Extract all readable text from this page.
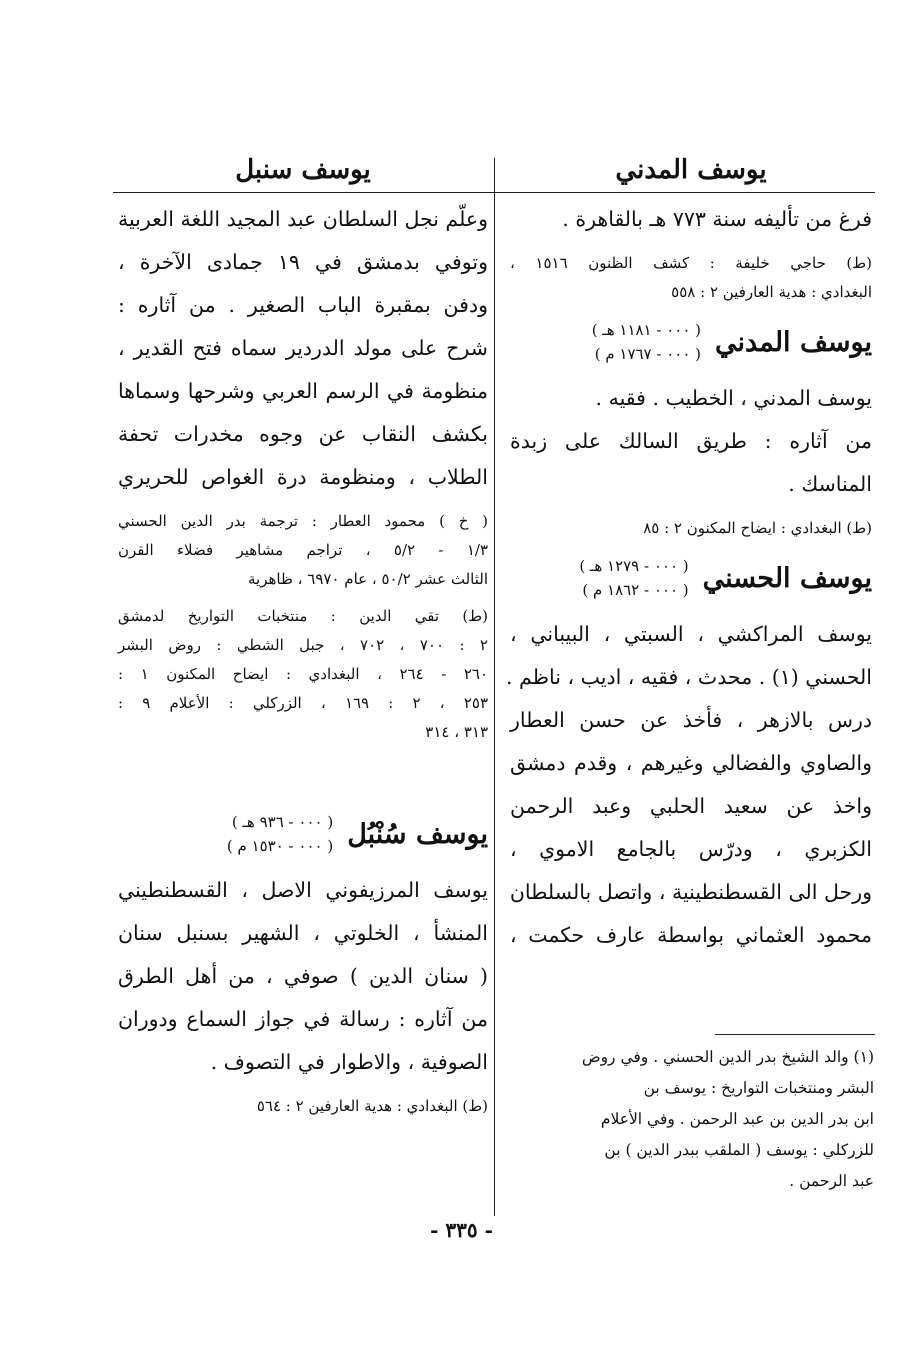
يوسف المدني
فرغ من تأليفه سنة ٧٧٣ هـ بالقاهرة .
(ط) حاجي خليفة : كشف الظنون ١٥١٦ ،
البغدادي : هدية العارفين ٢ : ٥٥٨
يوسف المدني
( ٠٠٠ - ١١٨١ هـ )
( ٠٠٠ - ١٧٦٧ م )
يوسف المدني ، الخطيب . فقيه .
من آثاره : طريق السالك على زبدة
المناسك .
(ط) البغدادي : ايضاح المكنون ٢ : ٨٥
يوسف الحسني
( ٠٠٠ - ١٢٧٩ هـ )
( ٠٠٠ - ١٨٦٢ م )
يوسف المراكشي ، السبتي ، البيباني ،
الحسني (١) . محدث ، فقيه ، اديب ، ناظم .
درس بالازهر ، فأخذ عن حسن العطار
والصاوي والفضالي وغيرهم ، وقدم دمشق
واخذ عن سعيد الحلبي وعبد الرحمن
الكزبري ، ودرّس بالجامع الاموي ،
ورحل الى القسطنطينية ، واتصل بالسلطان
محمود العثماني بواسطة عارف حكمت ،
(١) والد الشيخ بدر الدين الحسني . وفي روض
البشر ومنتخبات التواريخ : يوسف بن
ابن بدر الدين بن عبد الرحمن . وفي الأعلام
للزركلي : يوسف ( الملقب ببدر الدين ) بن
عبد الرحمن .
يوسف سنبل
وعلّم نجل السلطان عبد المجيد اللغة العربية
وتوفي بدمشق في ١٩ جمادى الآخرة ،
ودفن بمقبرة الباب الصغير . من آثاره :
شرح على مولد الدردير سماه فتح القدير ،
منظومة في الرسم العربي وشرحها وسماها
بكشف النقاب عن وجوه مخدرات تحفة
الطلاب ، ومنظومة درة الغواص للحريري
( خ ) محمود العطار : ترجمة بدر الدين الحسني
١/٣ - ٥/٢ ، تراجم مشاهير فضلاء القرن
الثالث عشر ٥٠/٢ ، عام ٦٩٧٠ ، ظاهرية
(ط) تقي الدين : منتخبات التواريخ لدمشق
٢ : ٧٠٠ ، ٧٠٢ ، جبل الشطي : روض البشر
٢٦٠ - ٢٦٤ ، البغدادي : ايضاح المكنون ١ :
٢٥٣ ، ٢ : ١٦٩ ، الزركلي : الأعلام ٩ :
٣١٣ ، ٣١٤
يوسف سُنْبُل
( ٠٠٠ - ٩٣٦ هـ )
( ٠٠٠ - ١٥٣٠ م )
يوسف المرزيفوني الاصل ، القسطنطيني
المنشأ ، الخلوتي ، الشهير بسنبل سنان
( سنان الدين ) صوفي ، من أهل الطرق
من آثاره : رسالة في جواز السماع ودوران
الصوفية ، والاطوار في التصوف .
(ط) البغدادي : هدية العارفين ٢ : ٥٦٤
- ٣٣٥ -
